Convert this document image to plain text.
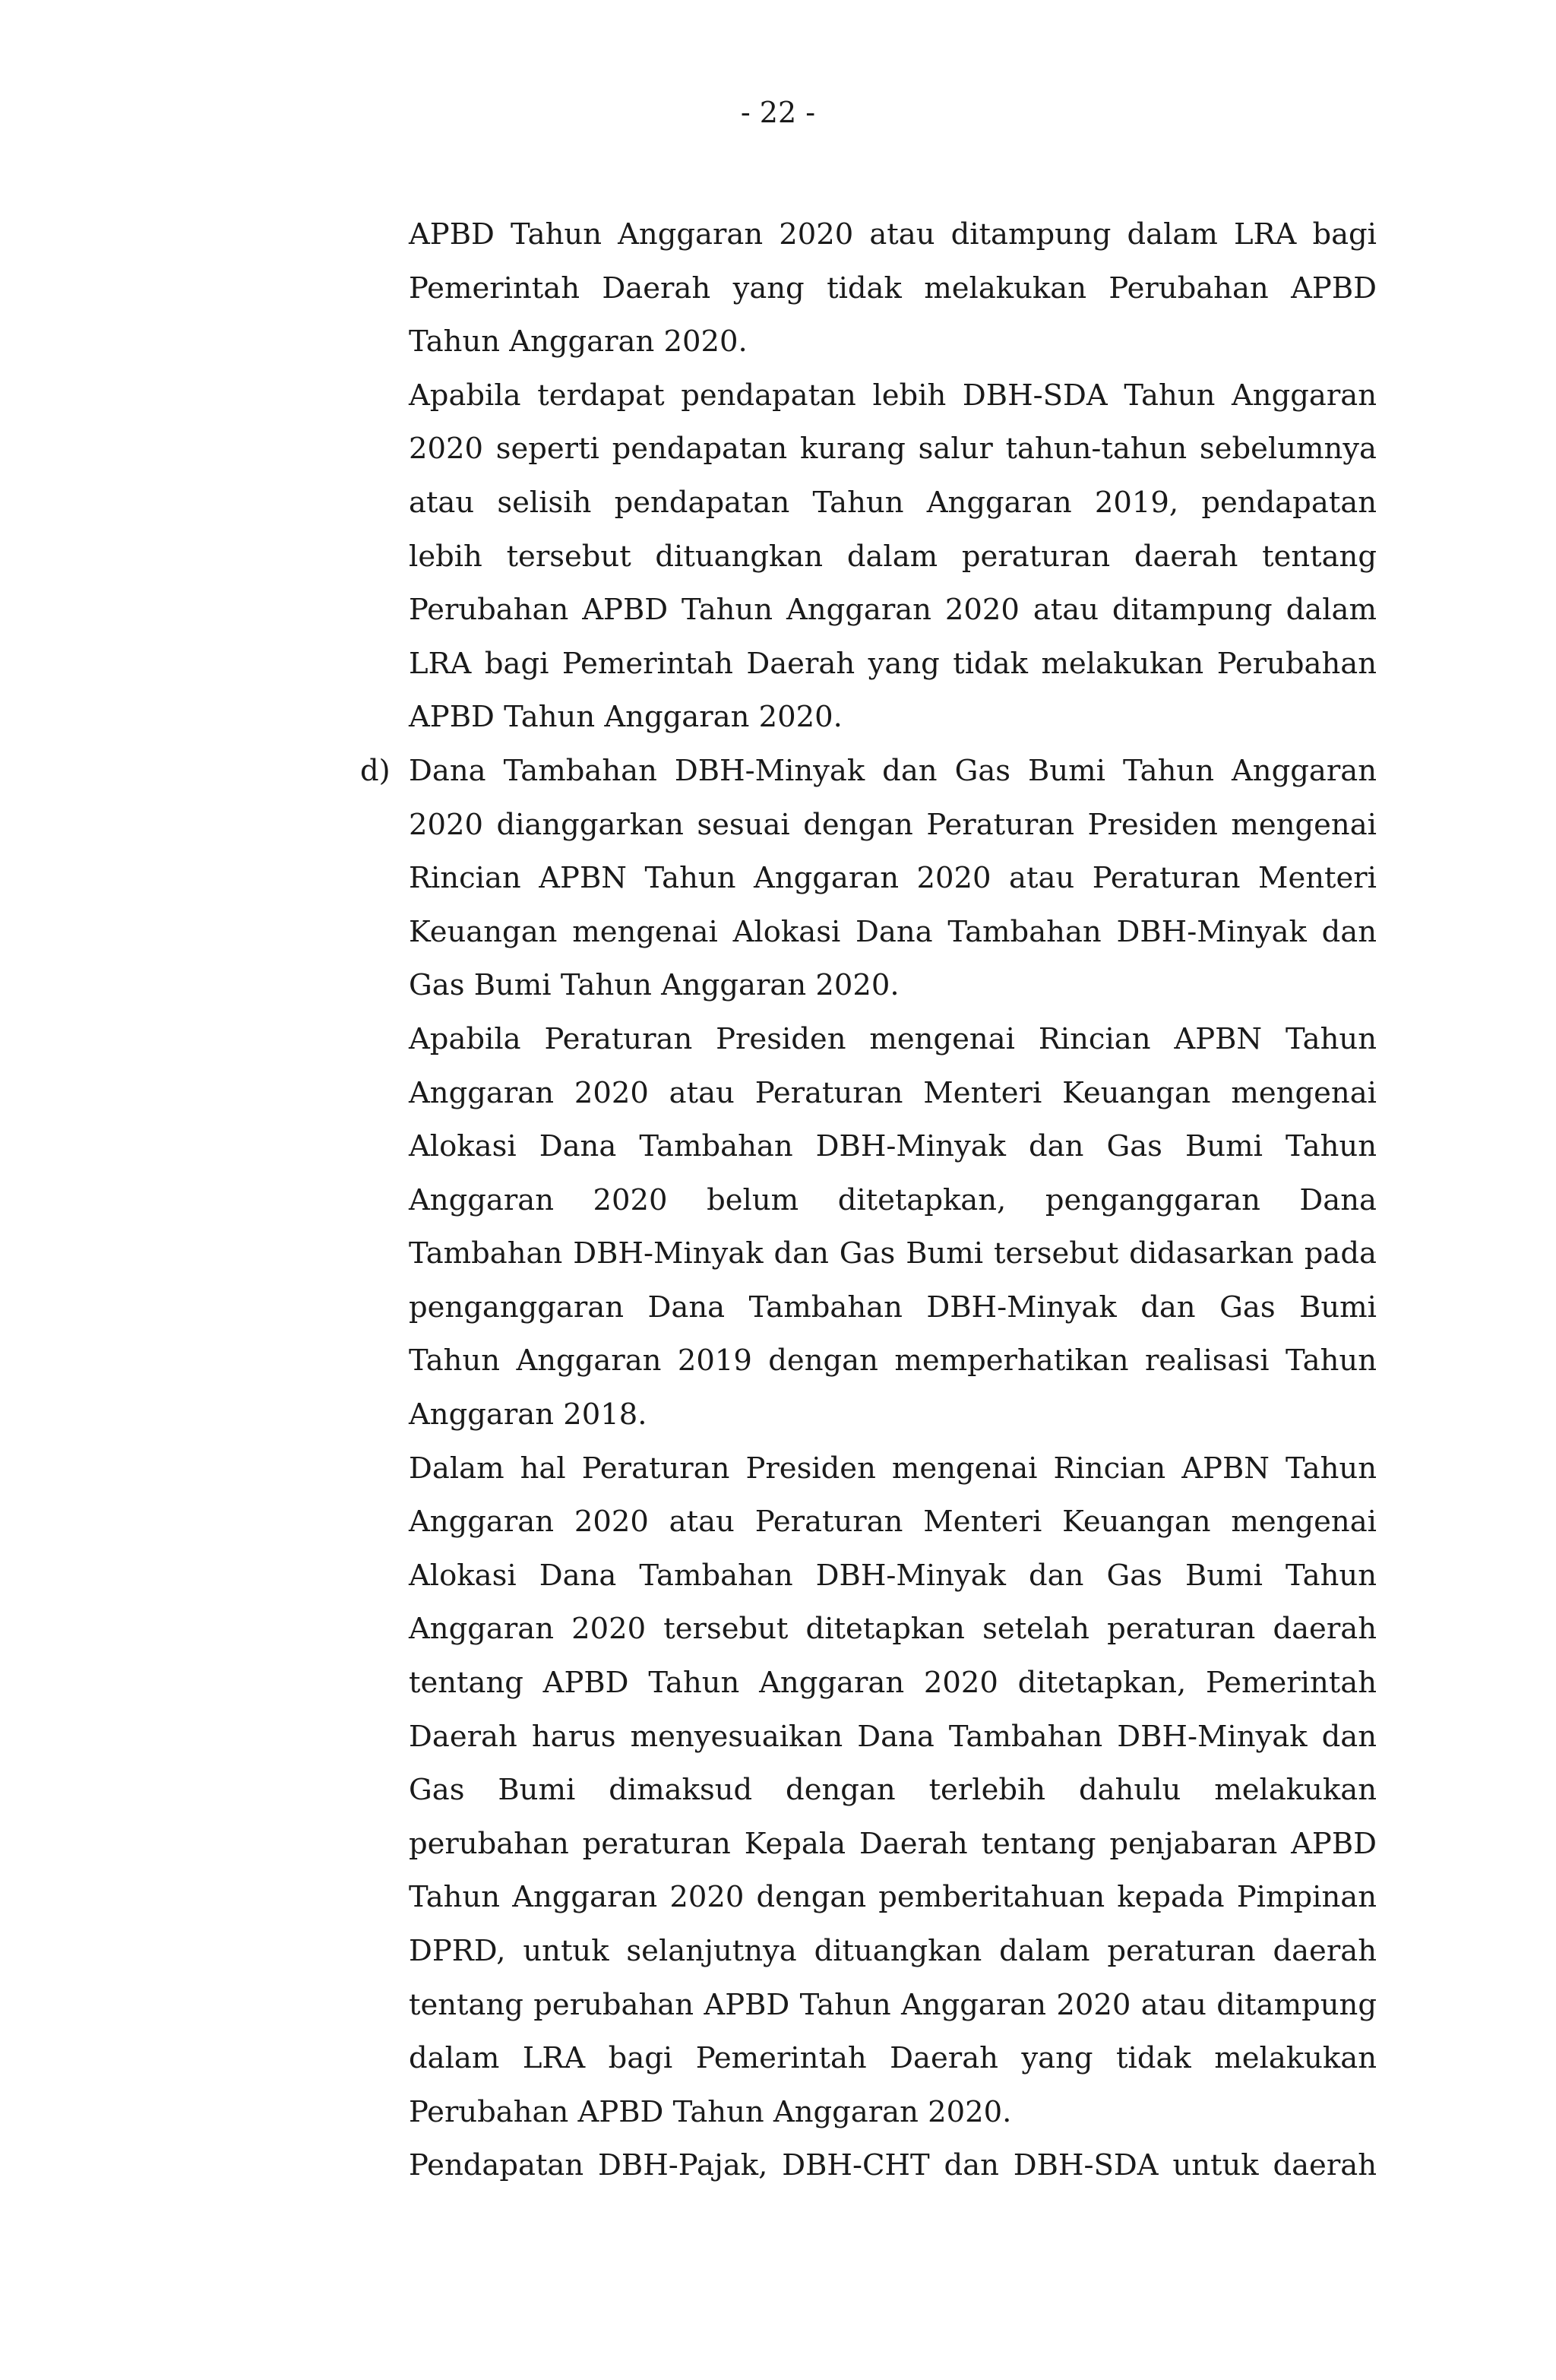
- 22 -

APBD Tahun Anggaran 2020 atau ditampung dalam LRA bagi Pemerintah Daerah yang tidak melakukan Perubahan APBD Tahun Anggaran 2020.

Apabila terdapat pendapatan lebih DBH-SDA Tahun Anggaran 2020 seperti pendapatan kurang salur tahun-tahun sebelumnya atau selisih pendapatan Tahun Anggaran 2019, pendapatan lebih tersebut dituangkan dalam peraturan daerah tentang Perubahan APBD Tahun Anggaran 2020 atau ditampung dalam LRA bagi Pemerintah Daerah yang tidak melakukan Perubahan APBD Tahun Anggaran 2020.

d) Dana Tambahan DBH-Minyak dan Gas Bumi Tahun Anggaran 2020 dianggarkan sesuai dengan Peraturan Presiden mengenai Rincian APBN Tahun Anggaran 2020 atau Peraturan Menteri Keuangan mengenai Alokasi Dana Tambahan DBH-Minyak dan Gas Bumi Tahun Anggaran 2020.

Apabila Peraturan Presiden mengenai Rincian APBN Tahun Anggaran 2020 atau Peraturan Menteri Keuangan mengenai Alokasi Dana Tambahan DBH-Minyak dan Gas Bumi Tahun Anggaran 2020 belum ditetapkan, penganggaran Dana Tambahan DBH-Minyak dan Gas Bumi tersebut didasarkan pada penganggaran Dana Tambahan DBH-Minyak dan Gas Bumi Tahun Anggaran 2019 dengan memperhatikan realisasi Tahun Anggaran 2018.

Dalam hal Peraturan Presiden mengenai Rincian APBN Tahun Anggaran 2020 atau Peraturan Menteri Keuangan mengenai Alokasi Dana Tambahan DBH-Minyak dan Gas Bumi Tahun Anggaran 2020 tersebut ditetapkan setelah peraturan daerah tentang APBD Tahun Anggaran 2020 ditetapkan, Pemerintah Daerah harus menyesuaikan Dana Tambahan DBH-Minyak dan Gas Bumi dimaksud dengan terlebih dahulu melakukan perubahan peraturan Kepala Daerah tentang penjabaran APBD Tahun Anggaran 2020 dengan pemberitahuan kepada Pimpinan DPRD, untuk selanjutnya dituangkan dalam peraturan daerah tentang perubahan APBD Tahun Anggaran 2020 atau ditampung dalam LRA bagi Pemerintah Daerah yang tidak melakukan Perubahan APBD Tahun Anggaran 2020.

Pendapatan DBH-Pajak, DBH-CHT dan DBH-SDA untuk daerah
